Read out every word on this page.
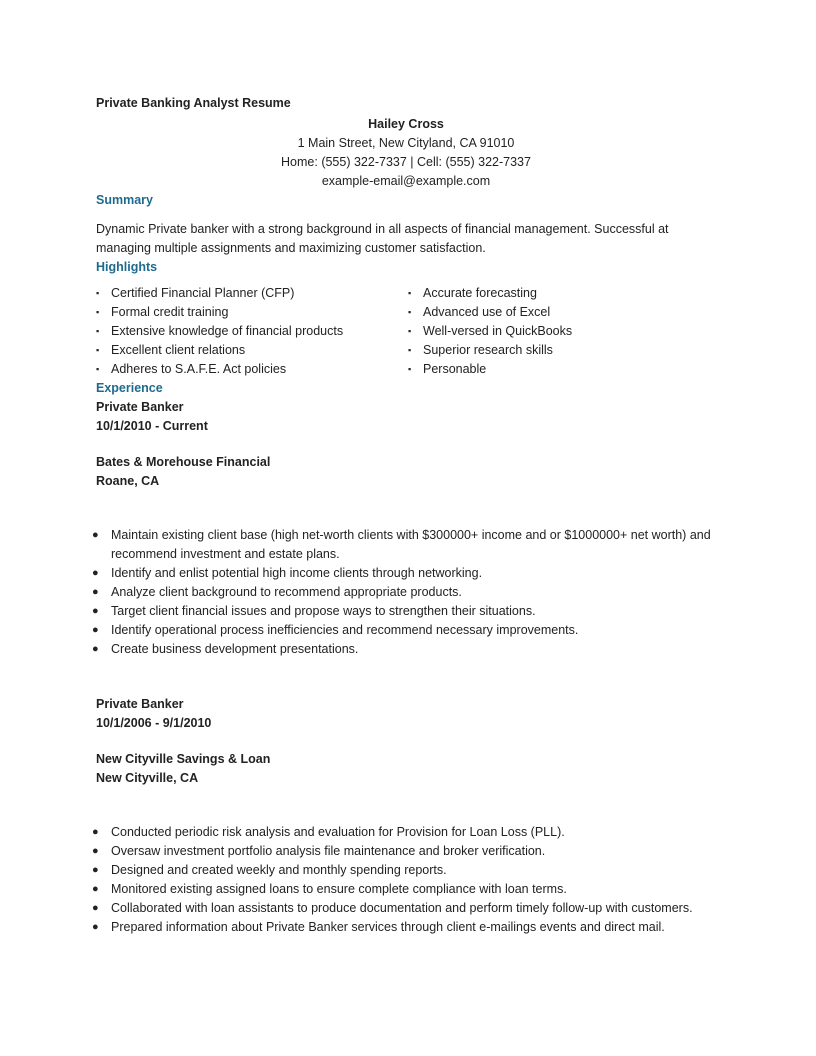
Private Banking Analyst Resume
Hailey Cross
1 Main Street, New Cityland, CA 91010
Home: (555) 322-7337 | Cell: (555) 322-7337
example-email@example.com
Summary
Dynamic Private banker with a strong background in all aspects of financial management. Successful at managing multiple assignments and maximizing customer satisfaction.
Highlights
▪ Certified Financial Planner (CFP)
▪ Formal credit training
▪ Extensive knowledge of financial products
▪ Excellent client relations
▪ Adheres to S.A.F.E. Act policies
▪ Accurate forecasting
▪ Advanced use of Excel
▪ Well-versed in QuickBooks
▪ Superior research skills
▪ Personable
Experience
Private Banker
10/1/2010 - Current
Bates & Morehouse Financial
Roane, CA
● Maintain existing client base (high net-worth clients with $300000+ income and or $1000000+ net worth) and recommend investment and estate plans.
● Identify and enlist potential high income clients through networking.
● Analyze client background to recommend appropriate products.
● Target client financial issues and propose ways to strengthen their situations.
● Identify operational process inefficiencies and recommend necessary improvements.
● Create business development presentations.
Private Banker
10/1/2006 - 9/1/2010
New Cityville Savings & Loan
New Cityville, CA
● Conducted periodic risk analysis and evaluation for Provision for Loan Loss (PLL).
● Oversaw investment portfolio analysis file maintenance and broker verification.
● Designed and created weekly and monthly spending reports.
● Monitored existing assigned loans to ensure complete compliance with loan terms.
● Collaborated with loan assistants to produce documentation and perform timely follow-up with customers.
● Prepared information about Private Banker services through client e-mailings events and direct mail.
